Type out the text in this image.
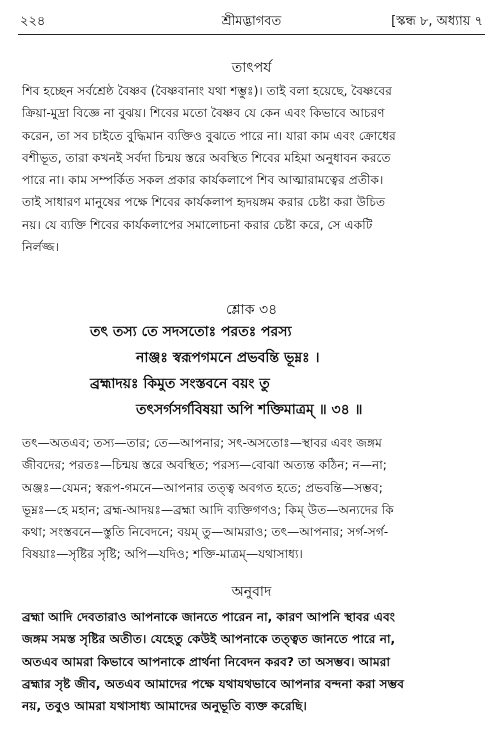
২২৪	শ্রীমদ্ভাগবত	[স্কন্ধ ৮, অধ্যায় ৭
তাৎপর্য
শিব হচ্ছেন সর্বশ্রেষ্ঠ বৈষ্ণব (বৈষ্ণবানাং যথা শম্ভুঃ)। তাই বলা হয়েছে, বৈষ্ণবের
ক্রিয়া-মুদ্রা বিজ্ঞে না বুঝয়। শিবের মতো বৈষ্ণব যে কেন এবং কিভাবে আচরণ
করেন, তা সব চাইতে বুদ্ধিমান ব্যক্তিও বুঝতে পারে না। যারা কাম এবং ক্রোধের
বশীভূত, তারা কখনই সর্বদা চিন্ময় স্তরে অবস্থিত শিবের মহিমা অনুধাবন করতে
পারে না। কাম সম্পর্কিত সকল প্রকার কার্যকলাপে শিব আত্মারামত্বের প্রতীক।
তাই সাধারণ মানুষের পক্ষে শিবের কার্যকলাপ হৃদয়ঙ্গম করার চেষ্টা করা উচিত
নয়। যে ব্যক্তি শিবের কার্যকলাপের সমালোচনা করার চেষ্টা করে, সে একটি
নির্লজ্জ।
শ্লোক ৩৪
তৎ তস্য তে সদসতোঃ পরতঃ পরস্য
নাঞ্জঃ স্বরূপগমনে প্রভবন্তি ভূম্নঃ ।
ব্রহ্মাদয়ঃ কিমুত সংস্তবনে বয়ং তু
তৎসর্গসর্গবিষয়া অপি শক্তিমাত্রম্ ॥ ৩৪ ॥
তৎ—অতএব; তস্য—তার; তে—আপনার; সৎ-অসতোঃ—স্থাবর এবং জঙ্গম
জীবদের; পরতঃ—চিন্ময় স্তরে অবস্থিত; পরস্য—বোঝা অত্যন্ত কঠিন; ন—না;
অঞ্জঃ—যেমন; স্বরূপ-গমনে—আপনার তত্ত্ব অবগত হতে; প্রভবন্তি—সম্ভব;
ভূম্নঃ—হে মহান; ব্রহ্ম-আদয়ঃ—ব্রহ্মা আদি ব্যক্তিগণও; কিম্ উত—অন্যদের কি
কথা; সংস্তবনে—স্তুতি নিবেদনে; বয়ম্ তু—আমরাও; তৎ—আপনার; সর্গ-সর্গ-
বিষয়াঃ—সৃষ্টির সৃষ্টি; অপি—যদিও; শক্তি-মাত্রম্—যথাসাধ্য।
অনুবাদ
ব্রহ্মা আদি দেবতারাও আপনাকে জানতে পারেন না, কারণ আপনি স্থাবর এবং
জঙ্গম সমস্ত সৃষ্টির অতীত। যেহেতু কেউই আপনাকে তত্ত্বত জানতে পারে না,
অতএব আমরা কিভাবে আপনাকে প্রার্থনা নিবেদন করব? তা অসম্ভব। আমরা
ব্রহ্মার সৃষ্ট জীব, অতএব আমাদের পক্ষে যথাযথভাবে আপনার বন্দনা করা সম্ভব
নয়, তবুও আমরা যথাসাধ্য আমাদের অনুভূতি ব্যক্ত করেছি।
